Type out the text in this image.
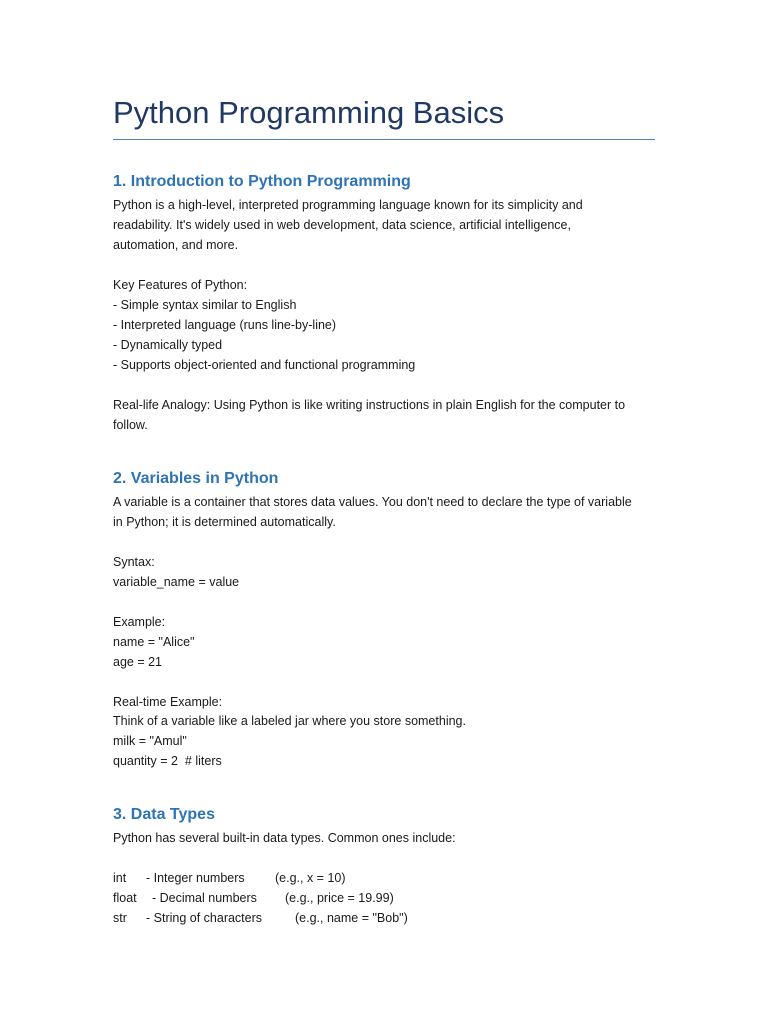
Python Programming Basics
1. Introduction to Python Programming
Python is a high-level, interpreted programming language known for its simplicity and
readability. It's widely used in web development, data science, artificial intelligence,
automation, and more.
Key Features of Python:
- Simple syntax similar to English
- Interpreted language (runs line-by-line)
- Dynamically typed
- Supports object-oriented and functional programming
Real-life Analogy: Using Python is like writing instructions in plain English for the computer to
follow.
2. Variables in Python
A variable is a container that stores data values. You don't need to declare the type of variable
in Python; it is determined automatically.
Syntax:
variable_name = value
Example:
name = "Alice"
age = 21
Real-time Example:
Think of a variable like a labeled jar where you store something.
milk = "Amul"
quantity = 2  # liters
3. Data Types
Python has several built-in data types. Common ones include:

int

- Integer numbers

(e.g., x = 10)

float

- Decimal numbers

(e.g., price = 19.99)

str

- String of characters

	(e.g., name = "Bob")
